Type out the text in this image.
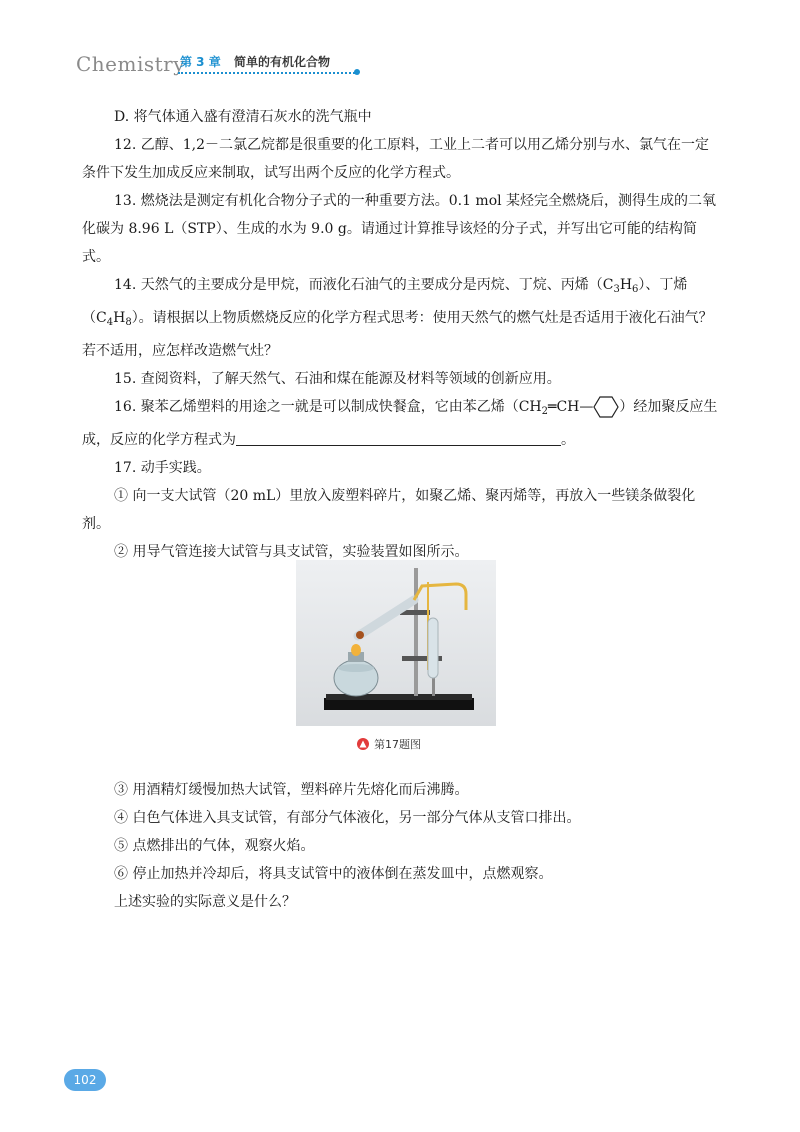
Chemistry
第 3 章 简单的有机化合物

D. 将气体通入盛有澄清石灰水的洗气瓶中

12. 乙醇、1,2－二氯乙烷都是很重要的化工原料，工业上二者可以用乙烯分别与水、氯气在一定条件下发生加成反应来制取，试写出两个反应的化学方程式。

13. 燃烧法是测定有机化合物分子式的一种重要方法。0.1 mol 某烃完全燃烧后，测得生成的二氧化碳为 8.96 L（STP）、生成的水为 9.0 g。请通过计算推导该烃的分子式，并写出它可能的结构简式。

14. 天然气的主要成分是甲烷，而液化石油气的主要成分是丙烷、丁烷、丙烯$(C_3H_6)$、丁烯$(C_4H_8)$。请根据以上物质燃烧反应的化学方程式思考：使用天然气的燃气灶是否适用于液化石油气？若不适用，应怎样改造燃气灶？

15. 查阅资料，了解天然气、石油和煤在能源及材料等领域的创新应用。

16. 聚苯乙烯塑料的用途之一就是可以制成快餐盒，它由苯乙烯（$CH_2═CH—$ ）经加聚反应生成，反应的化学方程式为	。

17. 动手实践。

① 向一支大试管（20 mL）里放入废塑料碎片，如聚乙烯、聚丙烯等，再放入一些镁条做裂化剂。

② 用导气管连接大试管与具支试管，实验装置如图所示。

第17题图

③ 用酒精灯缓慢加热大试管，塑料碎片先熔化而后沸腾。

④ 白色气体进入具支试管，有部分气体液化，另一部分气体从支管口排出。

⑤ 点燃排出的气体，观察火焰。

⑥ 停止加热并冷却后，将具支试管中的液体倒在蒸发皿中，点燃观察。

上述实验的实际意义是什么？

102
